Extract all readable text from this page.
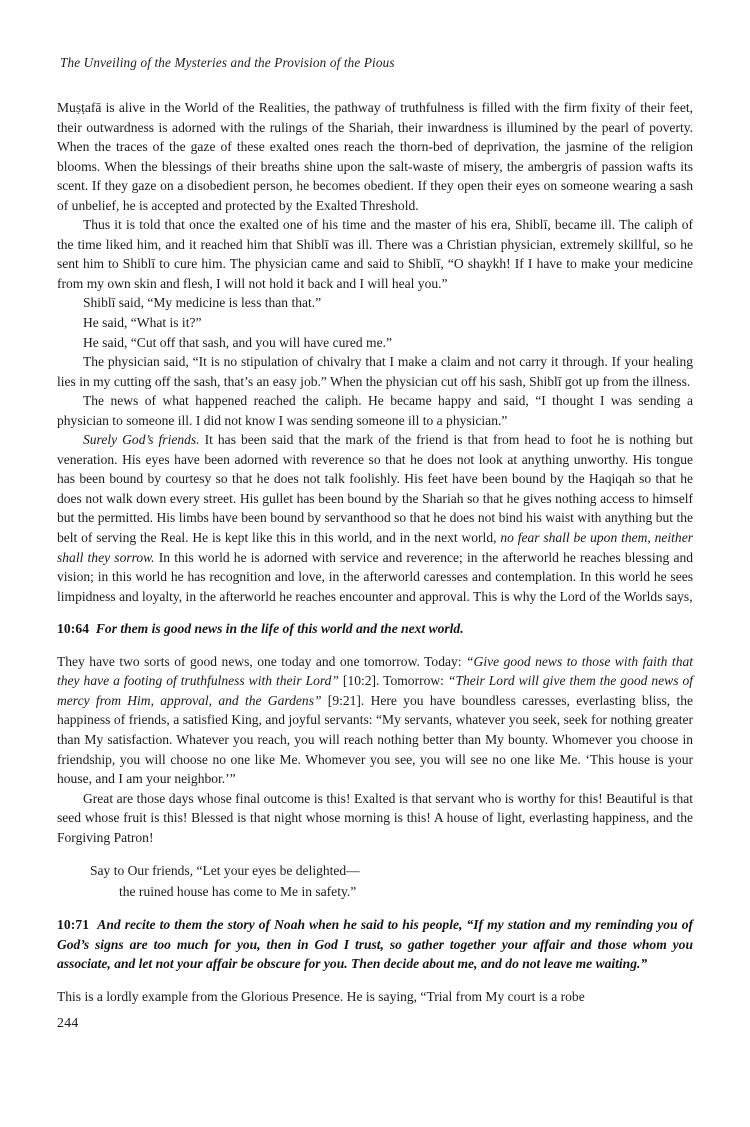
The Unveiling of the Mysteries and the Provision of the Pious

Muṣṭafā is alive in the World of the Realities, the pathway of truthfulness is filled with the firm fixity of their feet, their outwardness is adorned with the rulings of the Shariah, their inwardness is illumined by the pearl of poverty. When the traces of the gaze of these exalted ones reach the thorn-bed of deprivation, the jasmine of the religion blooms. When the blessings of their breaths shine upon the salt-waste of misery, the ambergris of passion wafts its scent. If they gaze on a disobedient person, he becomes obedient. If they open their eyes on someone wearing a sash of unbelief, he is accepted and protected by the Exalted Threshold.

Thus it is told that once the exalted one of his time and the master of his era, Shiblī, became ill. The caliph of the time liked him, and it reached him that Shiblī was ill. There was a Christian physician, extremely skillful, so he sent him to Shiblī to cure him. The physician came and said to Shiblī, “O shaykh! If I have to make your medicine from my own skin and flesh, I will not hold it back and I will heal you.”

Shiblī said, “My medicine is less than that.”

He said, “What is it?”

He said, “Cut off that sash, and you will have cured me.”

The physician said, “It is no stipulation of chivalry that I make a claim and not carry it through. If your healing lies in my cutting off the sash, that’s an easy job.” When the physician cut off his sash, Shiblī got up from the illness.

The news of what happened reached the caliph. He became happy and said, “I thought I was sending a physician to someone ill. I did not know I was sending someone ill to a physician.”

Surely God’s friends. It has been said that the mark of the friend is that from head to foot he is nothing but veneration. His eyes have been adorned with reverence so that he does not look at anything unworthy. His tongue has been bound by courtesy so that he does not talk foolishly. His feet have been bound by the Haqiqah so that he does not walk down every street. His gullet has been bound by the Shariah so that he gives nothing access to himself but the permitted. His limbs have been bound by servanthood so that he does not bind his waist with anything but the belt of serving the Real. He is kept like this in this world, and in the next world, no fear shall be upon them, neither shall they sorrow. In this world he is adorned with service and reverence; in the afterworld he reaches blessing and vision; in this world he has recognition and love, in the afterworld caresses and contemplation. In this world he sees limpidness and loyalty, in the afterworld he reaches encounter and approval. This is why the Lord of the Worlds says,

10:64 For them is good news in the life of this world and the next world.

They have two sorts of good news, one today and one tomorrow. Today: “Give good news to those with faith that they have a footing of truthfulness with their Lord” [10:2]. Tomorrow: “Their Lord will give them the good news of mercy from Him, approval, and the Gardens” [9:21]. Here you have boundless caresses, everlasting bliss, the happiness of friends, a satisfied King, and joyful servants: “My servants, whatever you seek, seek for nothing greater than My satisfaction. Whatever you reach, you will reach nothing better than My bounty. Whomever you choose in friendship, you will choose no one like Me. Whomever you see, you will see no one like Me. ‘This house is your house, and I am your neighbor.’”

Great are those days whose final outcome is this! Exalted is that servant who is worthy for this! Beautiful is that seed whose fruit is this! Blessed is that night whose morning is this! A house of light, everlasting happiness, and the Forgiving Patron!

Say to Our friends, “Let your eyes be delighted—
the ruined house has come to Me in safety.”

10:71 And recite to them the story of Noah when he said to his people, “If my station and my reminding you of God’s signs are too much for you, then in God I trust, so gather together your affair and those whom you associate, and let not your affair be obscure for you. Then decide about me, and do not leave me waiting.”

This is a lordly example from the Glorious Presence. He is saying, “Trial from My court is a robe

244
